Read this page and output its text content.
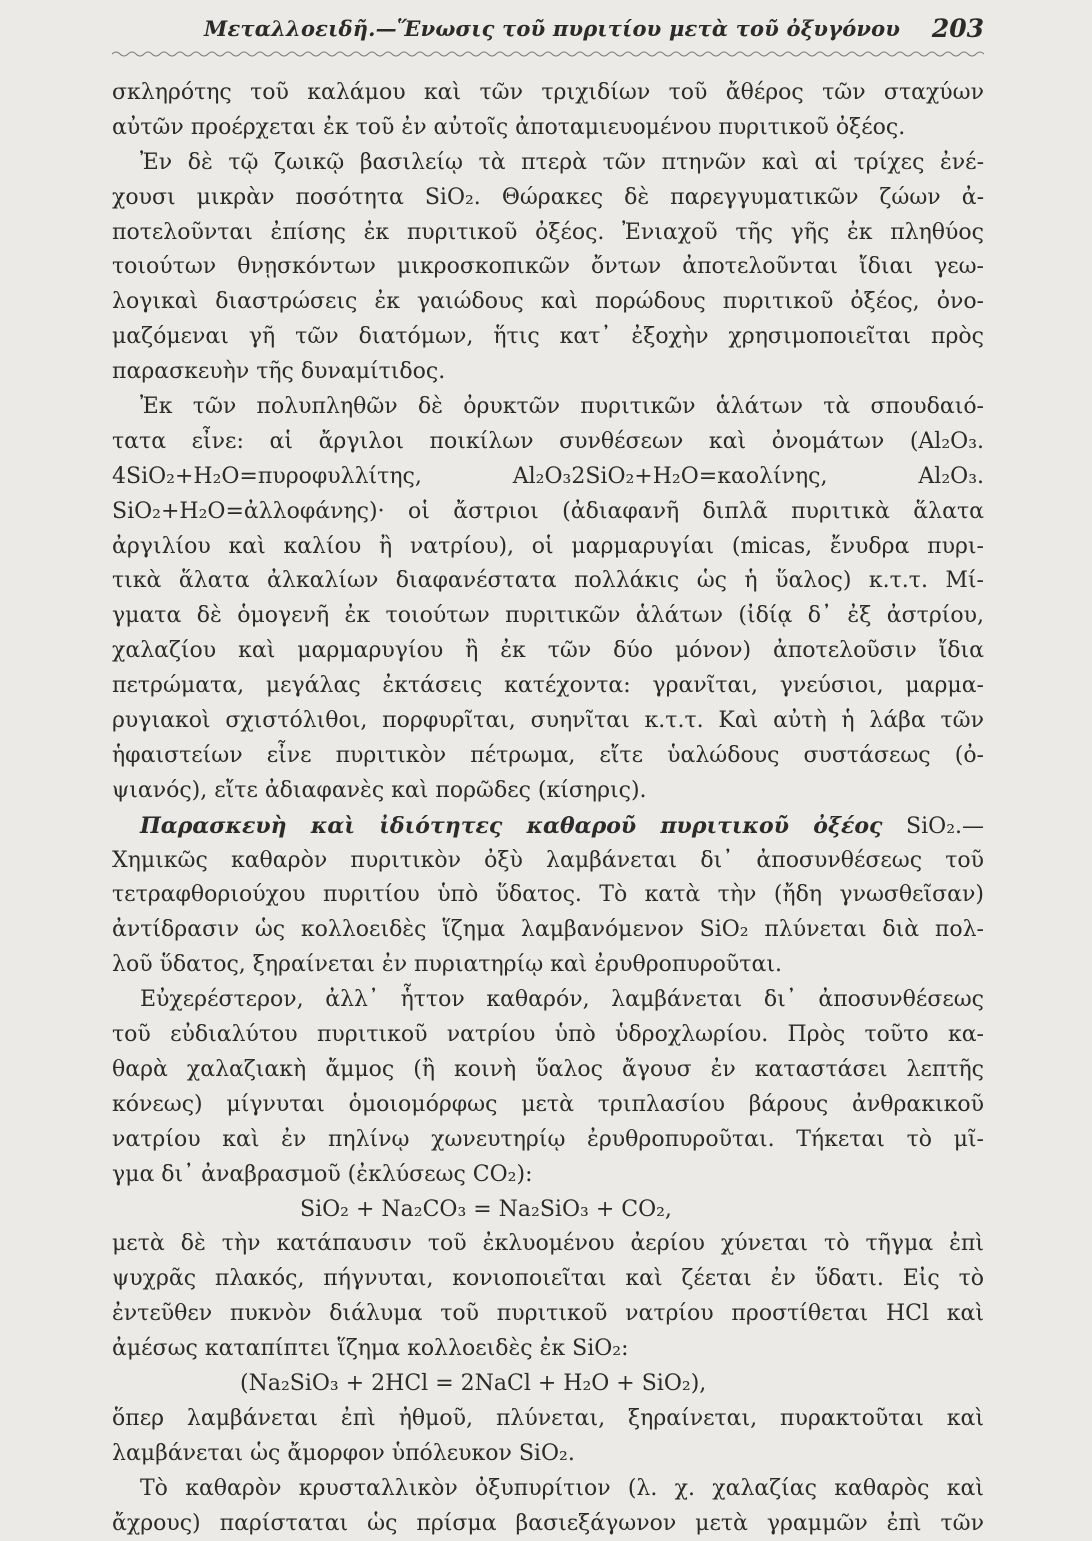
Μεταλλοειδῆ.—Ἕνωσις τοῦ πυριτίου μετὰ τοῦ ὀξυγόνου 203
σκληρότης τοῦ καλάμου καὶ τῶν τριχιδίων τοῦ ἄθέρος τῶν σταχύων
αὐτῶν προέρχεται ἐκ τοῦ ἐν αὐτοῖς ἀποταμιευομένου πυριτικοῦ ὀξέος.
Ἐν δὲ τῷ ζωικῷ βασιλείῳ τὰ πτερὰ τῶν πτηνῶν καὶ αἱ τρίχες ἐνέ-
χουσι μικρὰν ποσότητα SiO₂. Θώρακες δὲ παρεγγυματικῶν ζώων ἀ-
ποτελοῦνται ἐπίσης ἐκ πυριτικοῦ ὀξέος. Ἐνιαχοῦ τῆς γῆς ἐκ πληθύος
τοιούτων θνῃσκόντων μικροσκοπικῶν ὄντων ἀποτελοῦνται ἴδιαι γεω-
λογικαὶ διαστρώσεις ἐκ γαιώδους καὶ πορώδους πυριτικοῦ ὀξέος, ὀνο-
μαζόμεναι γῆ τῶν διατόμων, ἥτις κατ᾽ ἐξοχὴν χρησιμοποιεῖται πρὸς
παρασκευὴν τῆς δυναμίτιδος.
Ἐκ τῶν πολυπληθῶν δὲ ὀρυκτῶν πυριτικῶν ἁλάτων τὰ σπουδαιό-
τατα εἶνε: αἱ ἄργιλοι ποικίλων συνθέσεων καὶ ὀνομάτων (Al₂O₃.
4SiO₂+H₂O=πυροφυλλίτης, Al₂O₃2SiO₂+H₂O=καολίνης, Al₂O₃.
SiO₂+H₂O=ἀλλοφάνης)· οἱ ἄστριοι (ἀδιαφανῆ διπλᾶ πυριτικὰ ἅλατα
ἀργιλίου καὶ καλίου ἢ νατρίου), οἱ μαρμαρυγίαι (micas, ἔνυδρα πυρι-
τικὰ ἅλατα ἀλκαλίων διαφανέστατα πολλάκις ὡς ἡ ὕαλος) κ.τ.τ. Μί-
γματα δὲ ὁμογενῆ ἐκ τοιούτων πυριτικῶν ἁλάτων (ἰδίᾳ δ᾽ ἐξ ἀστρίου,
χαλαζίου καὶ μαρμαρυγίου ἢ ἐκ τῶν δύο μόνον) ἀποτελοῦσιν ἴδια
πετρώματα, μεγάλας ἐκτάσεις κατέχοντα: γρανῖται, γνεύσιοι, μαρμα-
ρυγιακοὶ σχιστόλιθοι, πορφυρῖται, συηνῖται κ.τ.τ. Καὶ αὐτὴ ἡ λάβα τῶν
ἡφαιστείων εἶνε πυριτικὸν πέτρωμα, εἴτε ὑαλώδους συστάσεως (ὀ-
ψιανός), εἴτε ἀδιαφανὲς καὶ πορῶδες (κίσηρις).
Παρασκευὴ καὶ ἰδιότητες καθαροῦ πυριτικοῦ ὀξέος SiO₂.—
Χημικῶς καθαρὸν πυριτικὸν ὀξὺ λαμβάνεται δι᾽ ἀποσυνθέσεως τοῦ
τετραφθοριούχου πυριτίου ὑπὸ ὕδατος. Τὸ κατὰ τὴν (ἤδη γνωσθεῖσαν)
ἀντίδρασιν ὡς κολλοειδὲς ἵζημα λαμβανόμενον SiO₂ πλύνεται διὰ πολ-
λοῦ ὕδατος, ξηραίνεται ἐν πυριατηρίῳ καὶ ἐρυθροπυροῦται.
Εὐχερέστερον, ἀλλ᾽ ἧττον καθαρόν, λαμβάνεται δι᾽ ἀποσυνθέσεως
τοῦ εὐδιαλύτου πυριτικοῦ νατρίου ὑπὸ ὑδροχλωρίου. Πρὸς τοῦτο κα-
θαρὰ χαλαζιακὴ ἄμμος (ἢ κοινὴ ὕαλος ἄγουσ ἐν καταστάσει λεπτῆς
κόνεως) μίγνυται ὁμοιομόρφως μετὰ τριπλασίου βάρους ἀνθρακικοῦ
νατρίου καὶ ἐν πηλίνῳ χωνευτηρίῳ ἐρυθροπυροῦται. Τήκεται τὸ μῖ-
γμα δι᾽ ἀναβρασμοῦ (ἐκλύσεως CO₂):
SiO₂ + Na₂CO₃ = Na₂SiO₃ + CO₂,
μετὰ δὲ τὴν κατάπαυσιν τοῦ ἐκλυομένου ἀερίου χύνεται τὸ τῆγμα ἐπὶ
ψυχρᾶς πλακός, πήγνυται, κονιοποιεῖται καὶ ζέεται ἐν ὕδατι. Εἰς τὸ
ἐντεῦθεν πυκνὸν διάλυμα τοῦ πυριτικοῦ νατρίου προστίθεται HCl καὶ
ἀμέσως καταπίπτει ἵζημα κολλοειδὲς ἐκ SiO₂:
(Na₂SiO₃ + 2HCl = 2NaCl + H₂O + SiO₂),
ὅπερ λαμβάνεται ἐπὶ ἠθμοῦ, πλύνεται, ξηραίνεται, πυρακτοῦται καὶ
λαμβάνεται ὡς ἄμορφον ὑπόλευκον SiO₂.
Τὸ καθαρὸν κρυσταλλικὸν ὀξυπυρίτιον (λ. χ. χαλαζίας καθαρὸς καὶ
ἄχρους) παρίσταται ὡς πρίσμα βασιεξάγωνον μετὰ γραμμῶν ἐπὶ τῶν
